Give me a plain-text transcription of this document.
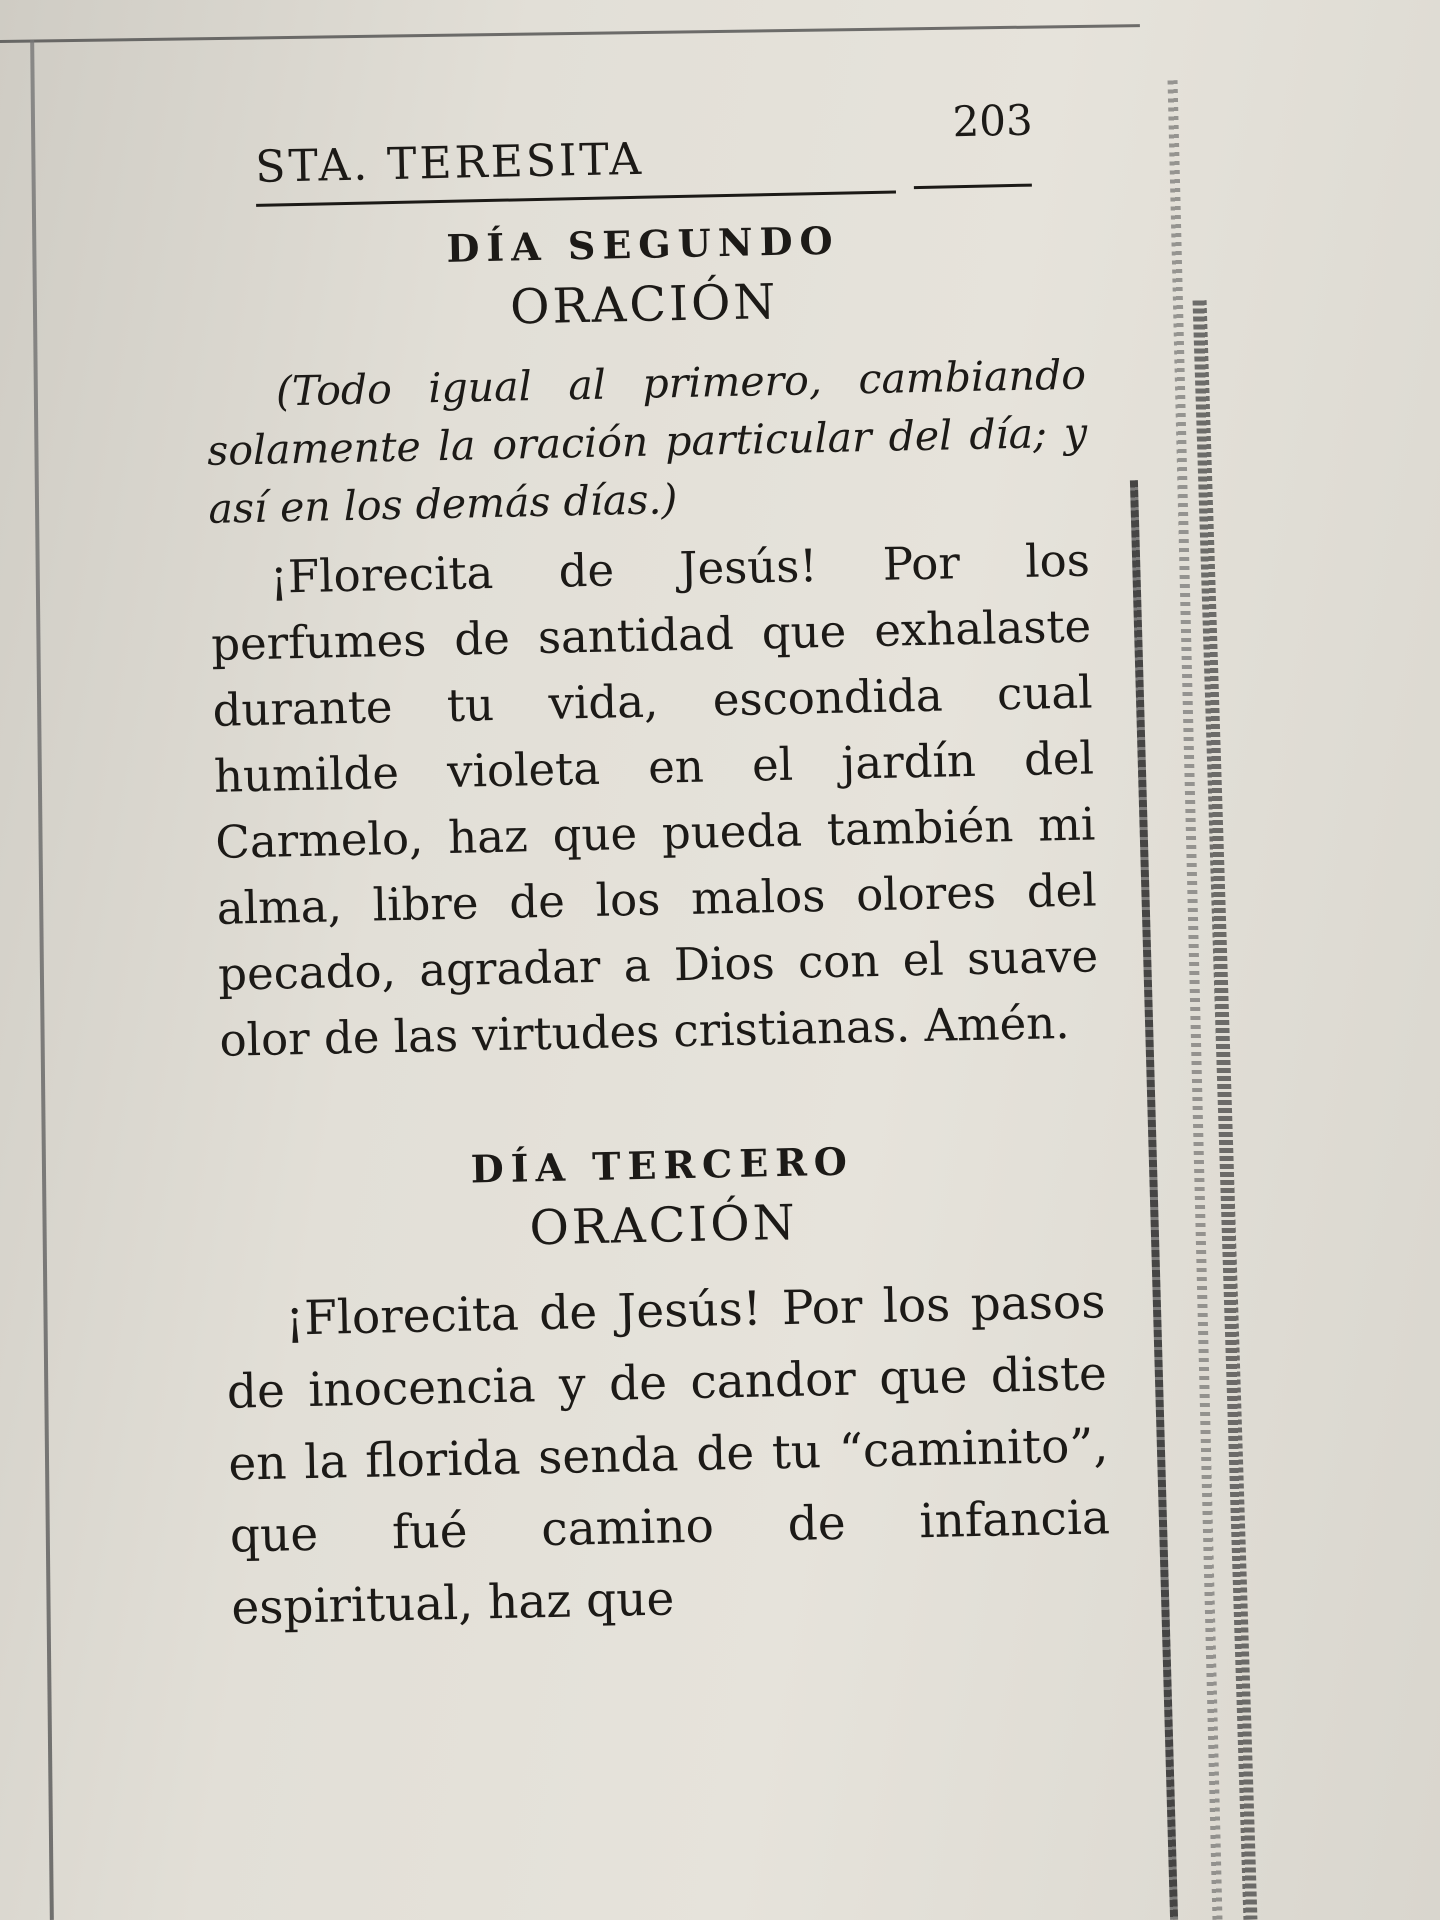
STA. TERESITA
203
DÍA SEGUNDO
ORACIÓN

(Todo igual al primero, cambiando solamente la oración particular del día; y así en los demás días.)

¡Florecita de Jesús! Por los perfumes de santidad que exhalaste durante tu vida, escondida cual humilde violeta en el jardín del Carmelo, haz que pueda también mi alma, libre de los malos olores del pecado, agradar a Dios con el suave olor de las virtudes cristianas. Amén.

DÍA TERCERO
ORACIÓN

¡Florecita de Jesús! Por los pasos de inocencia y de candor que diste en la florida senda de tu “caminito”, que fué camino de infancia espiritual, haz que
